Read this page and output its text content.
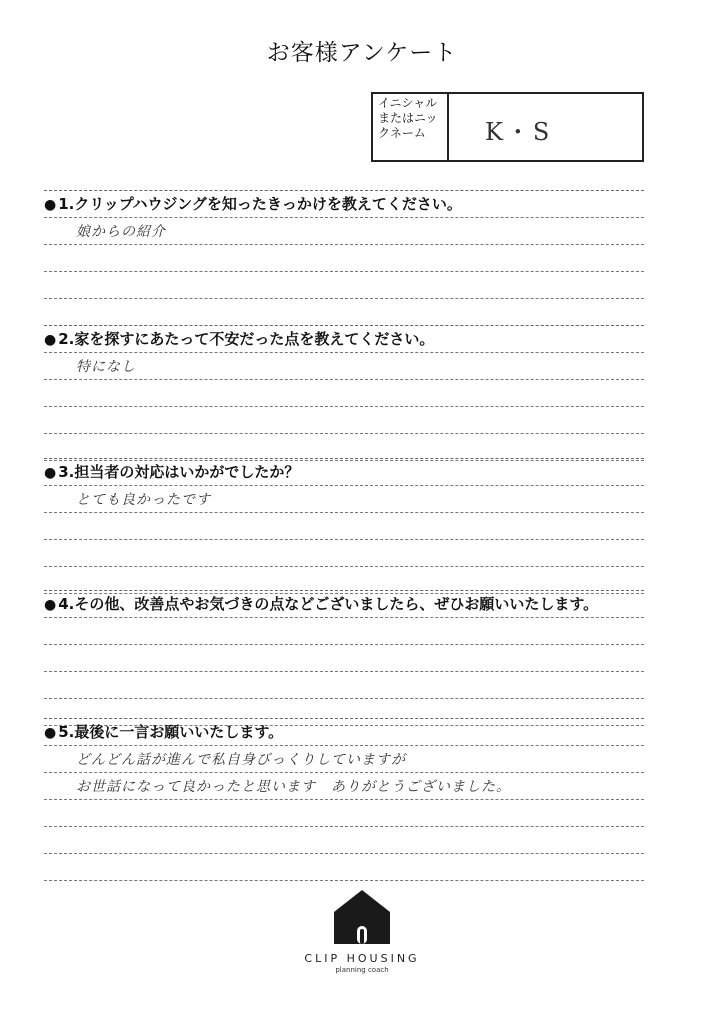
お客様アンケート
イニシャルまたはニックネーム	K・S
● 1.クリップハウジングを知ったきっかけを教えてください。
娘からの紹介
● 2.家を探すにあたって不安だった点を教えてください。
特になし
● 3.担当者の対応はいかがでしたか？
とても良かったです
● 4.その他、改善点やお気づきの点などございましたら、ぜひお願いいたします。
● 5.最後に一言お願いいたします。
どんどん話が進んで私自身びっくりしていますが
お世話になって良かったと思います　ありがとうございました。
CLIP HOUSING
planning coach
